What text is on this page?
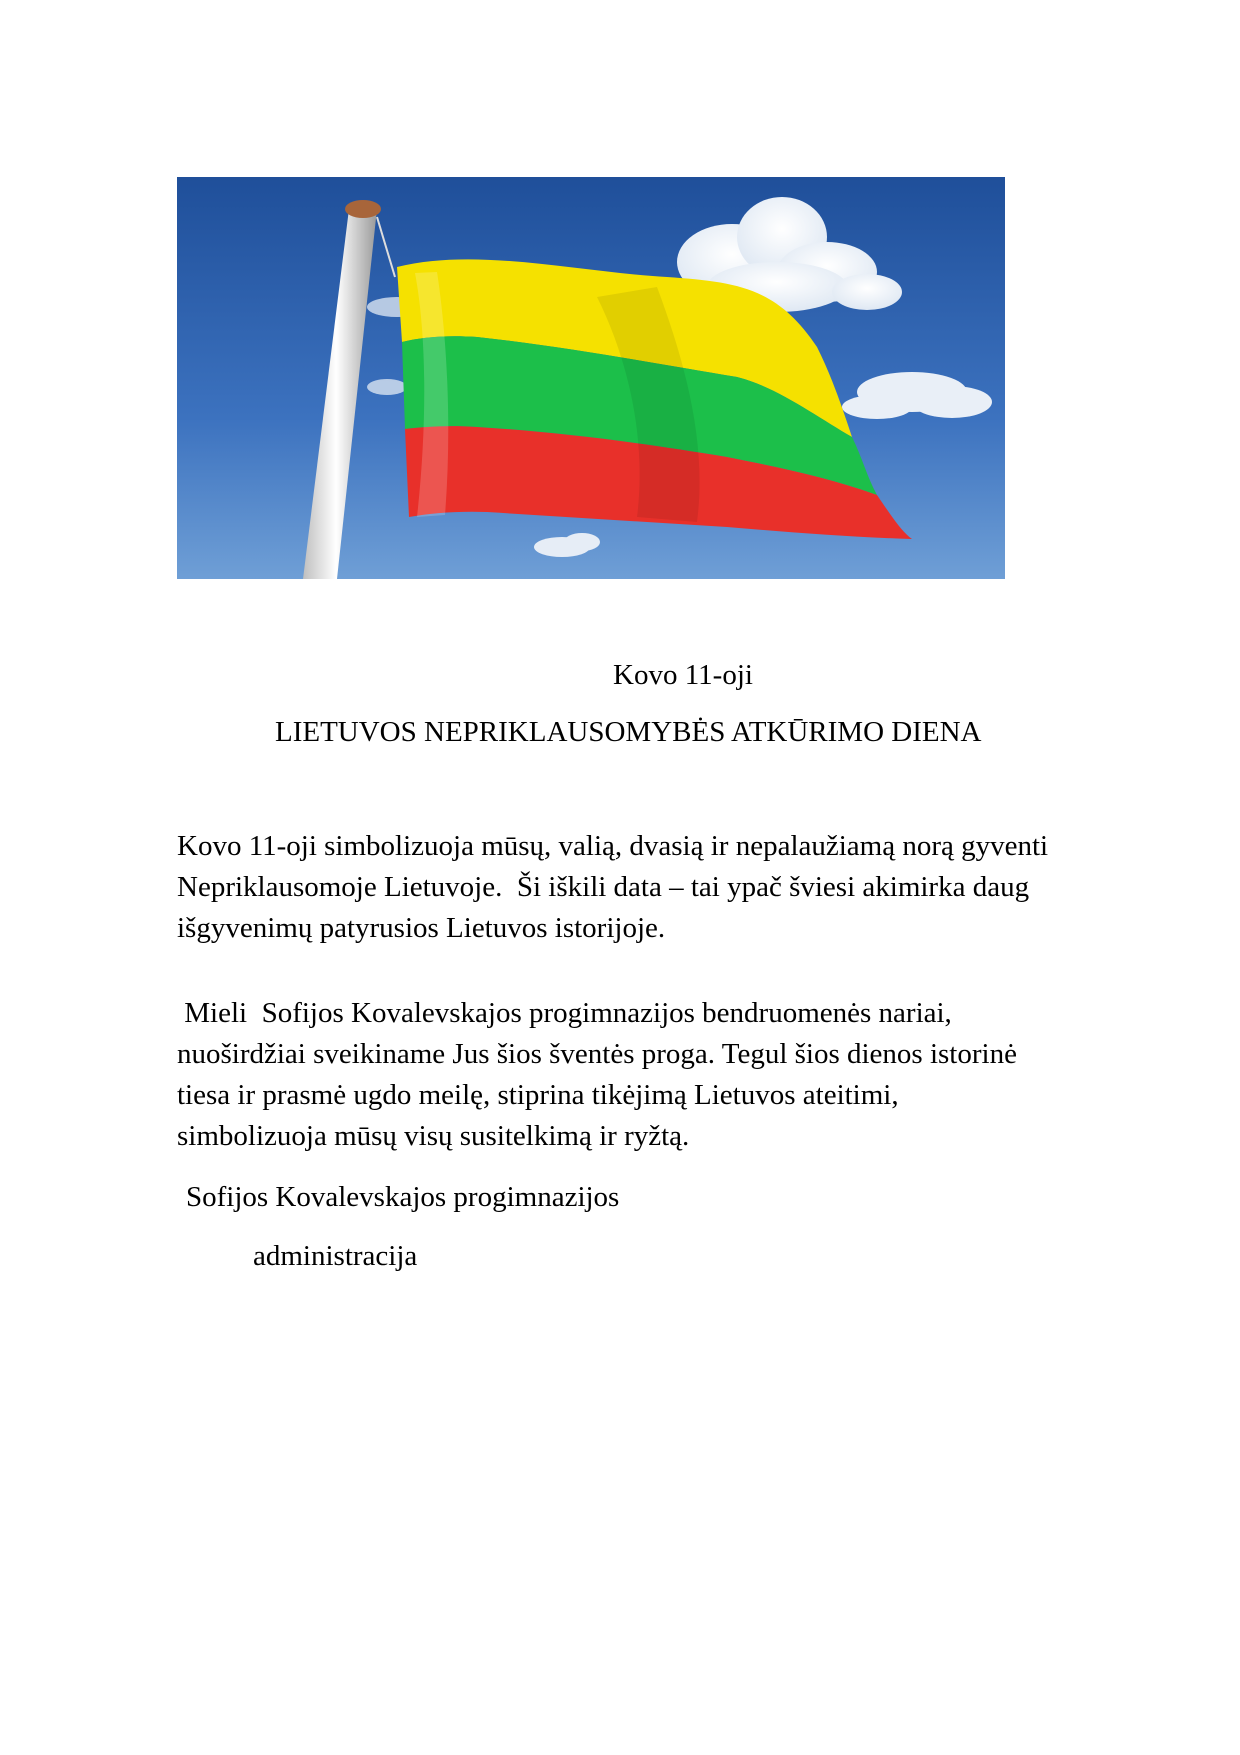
Kovo 11-oji
LIETUVOS NEPRIKLAUSOMYBĖS ATKŪRIMO DIENA
Kovo 11-oji simbolizuoja mūsų, valią, dvasią ir nepalaužiamą norą gyventi
Nepriklausomoje Lietuvoje.  Ši iškili data – tai ypač šviesi akimirka daug
išgyvenimų patyrusios Lietuvos istorijoje.
Mieli  Sofijos Kovalevskajos progimnazijos bendruomenės nariai,
nuoširdžiai sveikiname Jus šios šventės proga. Tegul šios dienos istorinė
tiesa ir prasmė ugdo meilę, stiprina tikėjimą Lietuvos ateitimi,
simbolizuoja mūsų visų susitelkimą ir ryžtą.
Sofijos Kovalevskajos progimnazijos
administracija
